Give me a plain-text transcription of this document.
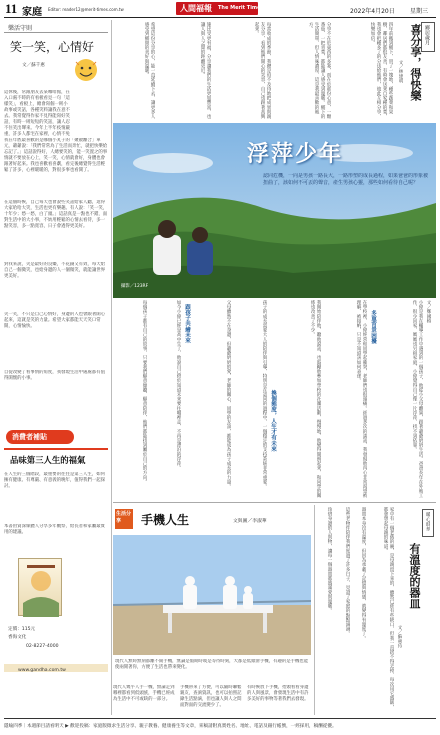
11 家庭 Editor: reader12@merit-times.com.tw	人間福報 The Merit Times	2022年4月20日	星期三
樂活守則
笑一笑，心情好
文／蘇千惠
這休後，常跟朋友去某咖啡館，在入口處不時的有看板看見一句「這樣笑」，看板上，總會寫個一則小故事或笑話，各種笑料讓我在意不去。我常覺得作家不見得能寫好笑話，有時一則短短的笑話，讓人忍不住笑出聲來。今年上半年疫情嚴重，許多人都宅在家裡，心情不免
我在年底最喜歡的是哪個小丸子的「聚散離合」單元，爺爺說：「我們常常為了生活而奔忙，就把快樂給忘記了。」這話說得好，人總要笑的，能一笑置之的事情就不要放在心上，笑一笑，心情就會好，身體也會跟著好起來。我也喜歡看喜劇，看完後總覺得生活輕鬆了許多，心裡暖暖的，對很多事也看開了。
在這個時候，自己每天也會說些笑話給家人聽，逗得大家哈哈大笑，生活也更有樂趣。有人說：「笑一笑，十年少；愁一愁，白了頭。」這話真是一點也不錯，面對生活中的大小事，不妨用輕鬆的心情去看待，多一點笑容，多一點寬容，日子會過得更美好。
對我來說，笑是最好的良藥，不花錢又有效，每天給自己一個微笑，也給身邊的人一個微笑，就能讓世界更美好。
笑一笑，不只是自己心情好，身邊的人也會跟著開心起來，這就是笑的力量。希望大家都能天天笑口常開，心情愉快。
自從改變了看事情的角度，我發現生活中處處都有值得開懷的小事。
消費者補貼
品味第三人生的福氣
在人生的三個階段，最重要的往往是第三人生，如何擁有健康、有尊嚴、有意義的晚年，值得我們一起探討。
本書由資深媒體人分享多年觀察，給長者和家屬最實用的建議。
定價：115元
香海文化
02-8227-4000
www.gandha.com.tw
鄉居歲月
喜分享，得快樂
文／林建明
四年前搬到鄉下，買了一塊地，種些蔬菜和果樹，鄰居們都很友善，有時會送來自家種的菜，我也會把種多了的分送給他們，彼此互相分享，快樂加倍。
分享不在於東西的多寡，而在於那份心意，一顆番茄、一把青菜，都能讓人感受到溫暖。鄉下的生活簡單，但人情味濃厚，這是我最喜歡的地方。
每當收成的季節，我總是迫不及待地把成果與親友分享，看到他們開心的笑容，自己也跟著高興起來。
施比受更有福，分享讓我們的生活更加豐富，也讓人與人之間的距離更近。
希望這份分享的心，能一直延續下去，讓更多人感受到鄉間的美好與溫暖。
浮萍少年
認同危機，一向是男孩一路長大，一路形塑的成長過程，如果爸爸的形象被扭曲了，該如何不可丟的聲音，產生男孩心靈，那些如何看待自己呢？
攝影／123RF
文／鄭國楨
小偉是我在輔導工作中遇到的一個孩子，他從小父母離異，跟著爺爺奶奶生活。爸爸長年在外地工作，很少回家，媽媽也另組家庭，小偉覺得自己像一片浮萍，找不到依靠。
多重背景困擾
在學校裡，小偉經常和同學起衝突，老師們也很頭痛。經過多次的談話，我發現他內心非常渴望被理解、被接納，只是不知道該如何表達。
我開始陪伴他，聽他說話，也鼓勵他參加學校的社團活動，慢慢地，他變得開朗起來，和同學的關係也改善了不少。
換個態度，人生才有未來
孩子的成長需要大人的陪伴與引導，特別是在認同的過程中，一個穩定的支持系統非常重要。
父母雖然不在身邊，但爺爺奶奶的愛，老師的關心，同學的友誼，都能成為孩子成長的力量。
跟孩子共繪未來
如今小偉已經是高中生了，他說自己終於知道未來要往哪裡走，不再是漂泊的浮萍。
每個孩子都有自己的故事，只要我們願意傾聽、願意陪伴，他們都能找到屬於自己的方向。
生活分享	手機人生	文與圖／李淑華
現代人無時無刻都離不開手機，無論是假期時或是等待時刻，大都是低頭滑手機，有趣的是手機也能使兩閒著你，方便了生活也帶來變化。
現代人幾乎人手一機，無論走到哪裡都看到低頭族，手機已經成為生活中不可或缺的一部分。
手機帶來了方便，可以隨時聯繫親友，查詢資訊，也可以拍照記錄生活點滴，但也讓人與人之間面對面的交流變少了。
有時候放下手機，抬頭看看身邊的人與風景，會發現生活中有許多美好的事物等著我們去發現。
暖心時刻
有溫度的器皿
文／蘇惠玲
家中有一個老舊的碗，是母親留下來的，雖然已經有些缺口，但我一直捨不得丟掉，每次用它盛飯，都會想起母親的味道。
器皿本身沒有溫度，但因為承載了記憶與情感，就變得有溫度了。
這些老物件陪伴我們度過了許多日子，見證了家庭的點點滴滴。
珍惜身邊的人與物，讓每一個器皿都盛滿愛與溫暖。
隱喻四季｜本週節目請看明天 ▶ 歡迎投稿：家庭版徵求生活分享、親子教養、健康養生等文章，來稿請附真實姓名、地址、電話及銀行帳號，一經採用，稿酬從優。
